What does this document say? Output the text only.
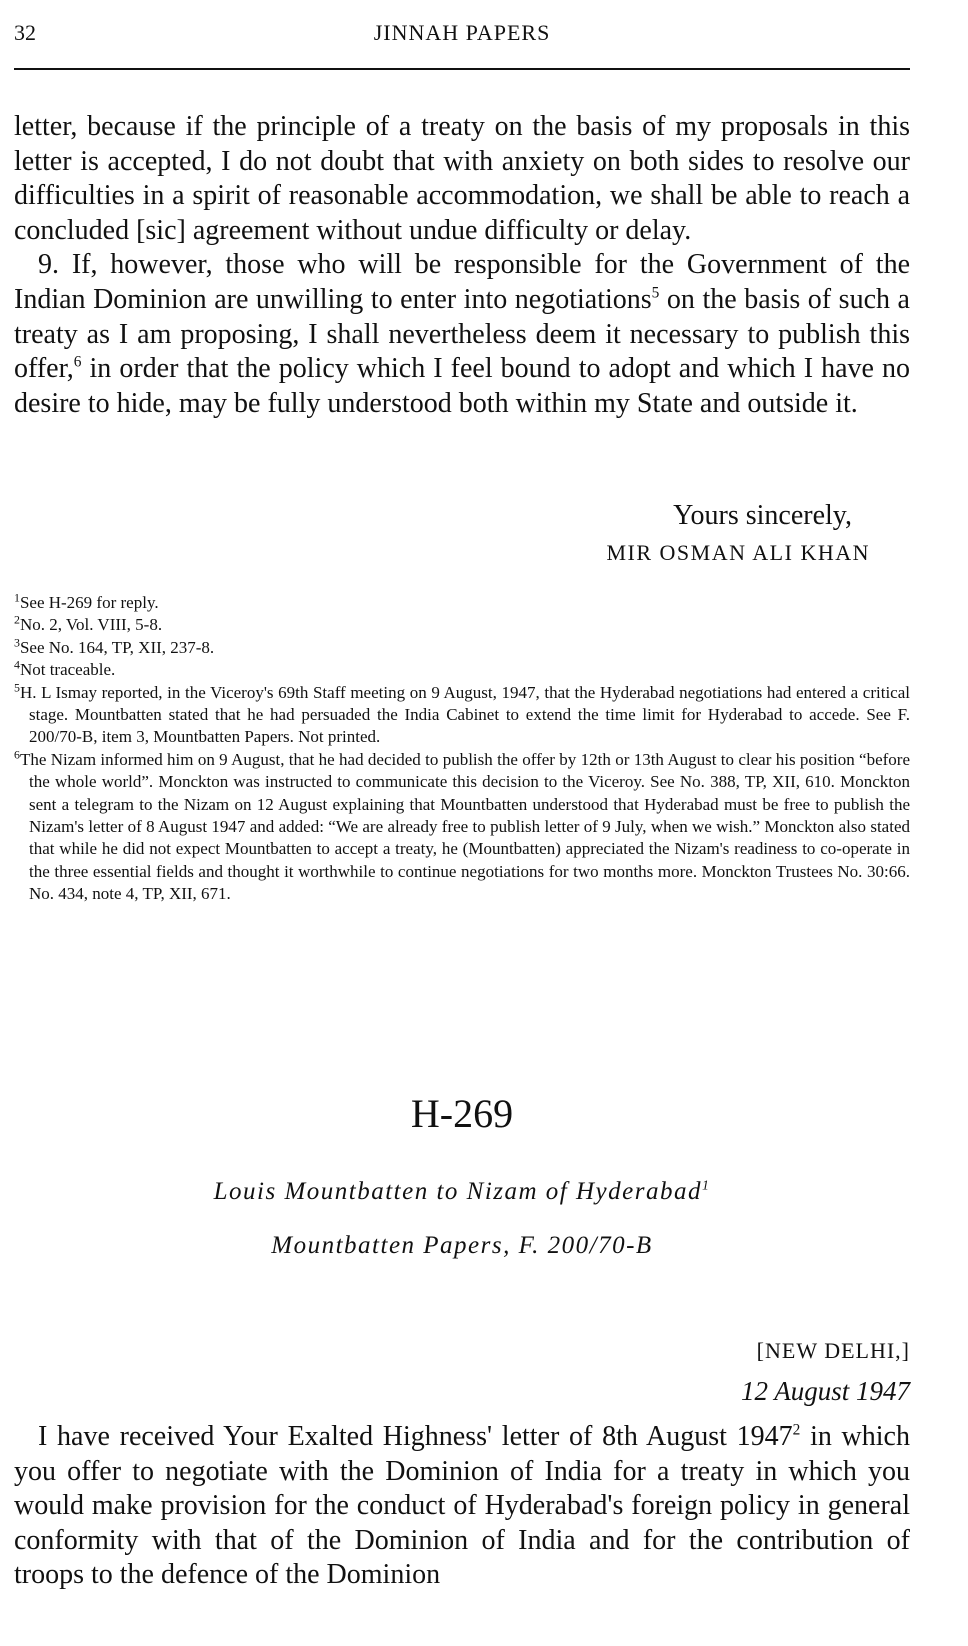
32	JINNAH PAPERS

letter, because if the principle of a treaty on the basis of my proposals in this letter is accepted, I do not doubt that with anxiety on both sides to resolve our difficulties in a spirit of reasonable accommodation, we shall be able to reach a concluded [sic] agreement without undue difficulty or delay.

9. If, however, those who will be responsible for the Government of the Indian Dominion are unwilling to enter into negotiations$^5$ on the basis of such a treaty as I am proposing, I shall nevertheless deem it necessary to publish this offer,$^6$ in order that the policy which I feel bound to adopt and which I have no desire to hide, may be fully understood both within my State and outside it.

Yours sincerely,
MIR OSMAN ALI KHAN

$^1$See H-269 for reply.

$^2$No. 2, Vol. VIII, 5-8.

$^3$See No. 164, TP, XII, 237-8.

$^4$Not traceable.

$^5$H. L Ismay reported, in the Viceroy's 69th Staff meeting on 9 August, 1947, that the Hyderabad negotiations had entered a critical stage. Mountbatten stated that he had persuaded the India Cabinet to extend the time limit for Hyderabad to accede. See F. 200/70-B, item 3, Mountbatten Papers. Not printed.

$^6$The Nizam informed him on 9 August, that he had decided to publish the offer by 12th or 13th August to clear his position “before the whole world”. Monckton was instructed to communicate this decision to the Viceroy. See No. 388, TP, XII, 610. Monckton sent a telegram to the Nizam on 12 August explaining that Mountbatten understood that Hyderabad must be free to publish the Nizam's letter of 8 August 1947 and added: “We are already free to publish letter of 9 July, when we wish.” Monckton also stated that while he did not expect Mountbatten to accept a treaty, he (Mountbatten) appreciated the Nizam's readiness to co-operate in the three essential fields and thought it worthwhile to continue negotiations for two months more. Monckton Trustees No. 30:66. No. 434, note 4, TP, XII, 671.

H-269
Louis Mountbatten to Nizam of Hyderabad$^1$
Mountbatten Papers, F. 200/70-B
[NEW DELHI,]
12 August 1947

I have received Your Exalted Highness' letter of 8th August 1947$^2$ in which you offer to negotiate with the Dominion of India for a treaty in which you would make provision for the conduct of Hyderabad's foreign policy in general conformity with that of the Dominion of India and for the contribution of troops to the defence of the Dominion
